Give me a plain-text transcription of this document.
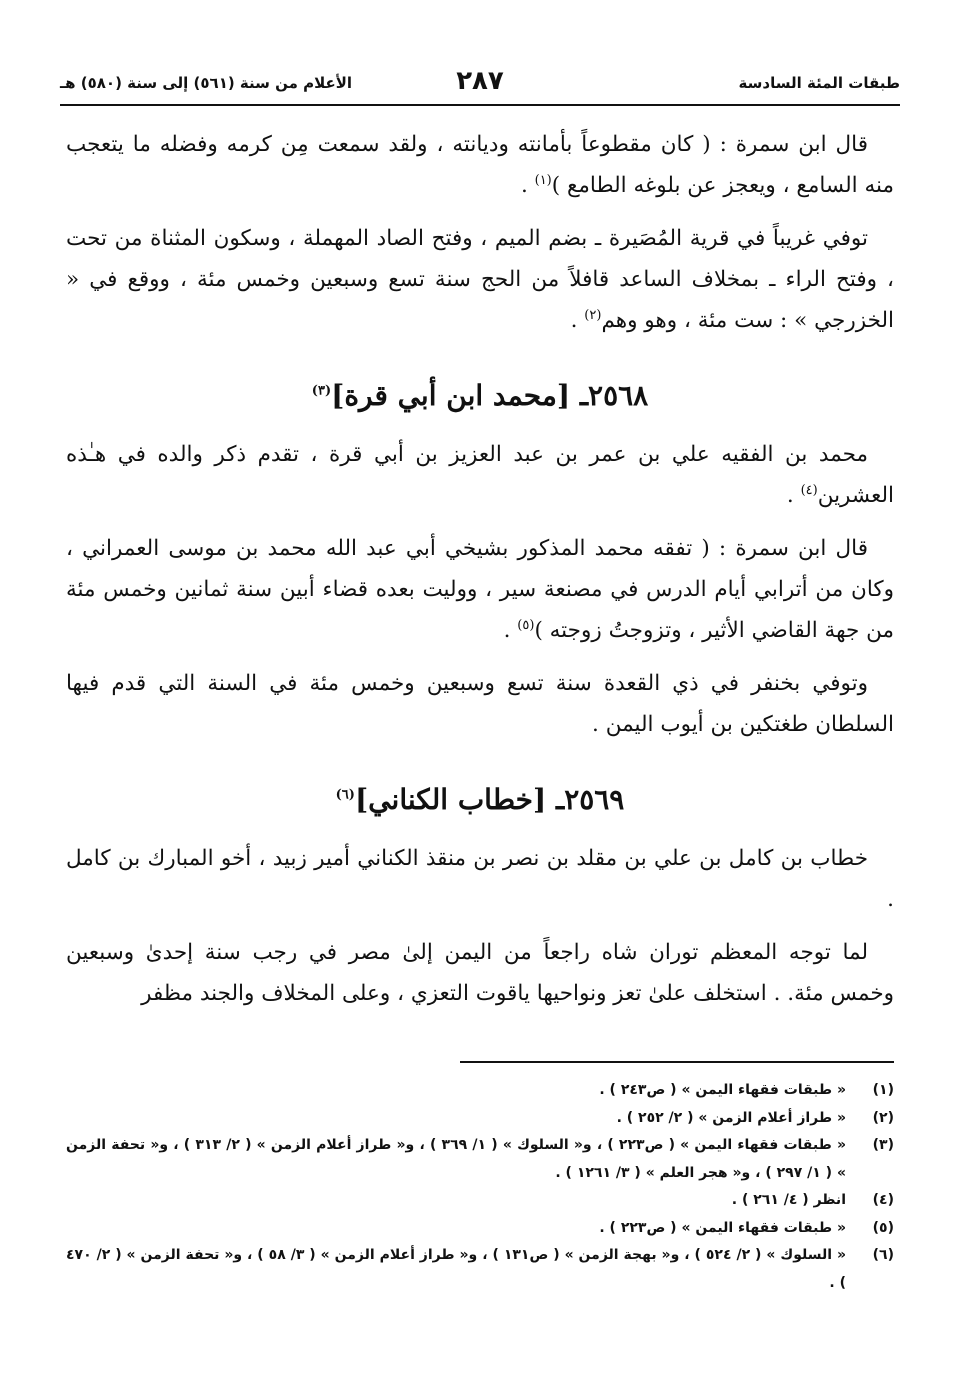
طبقات المئة السادسة
٢٨٧
الأعلام من سنة (٥٦١) إلى سنة (٥٨٠) هـ

قال ابن سمرة : ( كان مقطوعاً بأمانته وديانته ، ولقد سمعت مِن كرمه وفضله ما يتعجب منه السامع ، ويعجز عن بلوغه الطامع )$^{(١)}$ .

توفي غريباً في قرية المُصَيرة ـ بضم الميم ، وفتح الصاد المهملة ، وسكون المثناة من تحت ، وفتح الراء ـ بمخلاف الساعد قافلاً من الحج سنة تسع وسبعين وخمس مئة ، ووقع في « الخزرجي » : ست مئة ، وهو وهم$^{(٢)}$ .

٢٥٦٨ـ [محمد ابن أبي قرة]$^{(٣)}$

محمد بن الفقيه علي بن عمر بن عبد العزيز بن أبي قرة ، تقدم ذكر والده في هـٰذه العشرين$^{(٤)}$ .

قال ابن سمرة : ( تفقه محمد المذكور بشيخي أبي عبد الله محمد بن موسى العمراني ، وكان من أترابي أيام الدرس في مصنعة سير ، ووليت بعده قضاء أبين سنة ثمانين وخمس مئة من جهة القاضي الأثير ، وتزوجتُ زوجته )$^{(٥)}$ .

وتوفي بخنفر في ذي القعدة سنة تسع وسبعين وخمس مئة في السنة التي قدم فيها السلطان طغتكين بن أيوب اليمن .

٢٥٦٩ـ [خطاب الكناني]$^{(٦)}$

خطاب بن كامل بن علي بن مقلد بن نصر بن منقذ الكناني أمير زبيد ، أخو المبارك بن كامل .

لما توجه المعظم توران شاه راجعاً من اليمن إلىٰ مصر في رجب سنة إحدىٰ وسبعين وخمس مئة. . استخلف علىٰ تعز ونواحيها ياقوت التعزي ، وعلى المخلاف والجند مظفر

(١)
« طبقات فقهاء اليمن » ( ص٢٤٣ ) .
(٢)
« طراز أعلام الزمن » ( ٢/ ٢٥٢ ) .
(٣)
« طبقات فقهاء اليمن » ( ص٢٢٣ ) ، و« السلوك » ( ١/ ٣٦٩ ) ، و« طراز أعلام الزمن » ( ٢/ ٣١٣ ) ، و« تحفة الزمن » ( ١/ ٢٩٧ ) ، و« هجر العلم » ( ٣/ ١٢٦١ ) .
(٤)
انظر ( ٤/ ٢٦١ ) .
(٥)
« طبقات فقهاء اليمن » ( ص٢٢٣ ) .
(٦)
« السلوك » ( ٢/ ٥٢٤ ) ، و« بهجة الزمن » ( ص١٣١ ) ، و« طراز أعلام الزمن » ( ٣/ ٥٨ ) ، و« تحفة الزمن » ( ٢/ ٤٧٠ ) .
